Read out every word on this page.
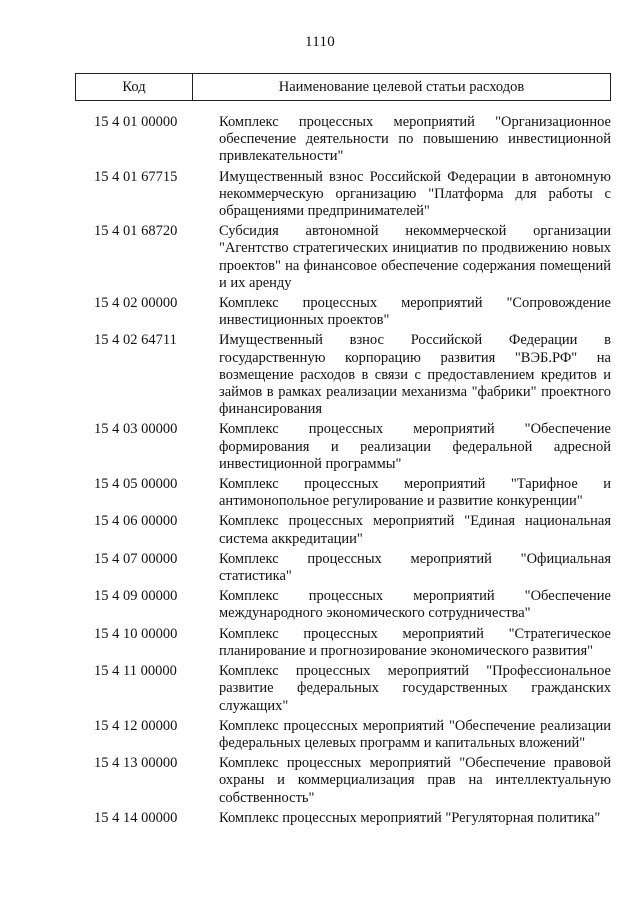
1110
Код	Наименование целевой статьи расходов
15 4 01 00000	Комплекс процессных мероприятий "Организационное обеспечение деятельности по повышению инвестиционной привлекательности"
15 4 01 67715	Имущественный взнос Российской Федерации в автономную некоммерческую организацию "Платформа для работы с обращениями предпринимателей"
15 4 01 68720	Субсидия автономной некоммерческой организации "Агентство стратегических инициатив по продвижению новых проектов" на финансовое обеспечение содержания помещений и их аренду
15 4 02 00000	Комплекс процессных мероприятий "Сопровождение инвестиционных проектов"
15 4 02 64711	Имущественный взнос Российской Федерации в государственную корпорацию развития "ВЭБ.РФ" на возмещение расходов в связи с предоставлением кредитов и займов в рамках реализации механизма "фабрики" проектного финансирования
15 4 03 00000	Комплекс процессных мероприятий "Обеспечение формирования и реализации федеральной адресной инвестиционной программы"
15 4 05 00000	Комплекс процессных мероприятий "Тарифное и антимонопольное регулирование и развитие конкуренции"
15 4 06 00000	Комплекс процессных мероприятий "Единая национальная система аккредитации"
15 4 07 00000	Комплекс процессных мероприятий "Официальная статистика"
15 4 09 00000	Комплекс процессных мероприятий "Обеспечение международного экономического сотрудничества"
15 4 10 00000	Комплекс процессных мероприятий "Стратегическое планирование и прогнозирование экономического развития"
15 4 11 00000	Комплекс процессных мероприятий "Профессиональное развитие федеральных государственных гражданских служащих"
15 4 12 00000	Комплекс процессных мероприятий "Обеспечение реализации федеральных целевых программ и капитальных вложений"
15 4 13 00000	Комплекс процессных мероприятий "Обеспечение правовой охраны и коммерциализация прав на интеллектуальную собственность"
15 4 14 00000	Комплекс процессных мероприятий "Регуляторная политика"
